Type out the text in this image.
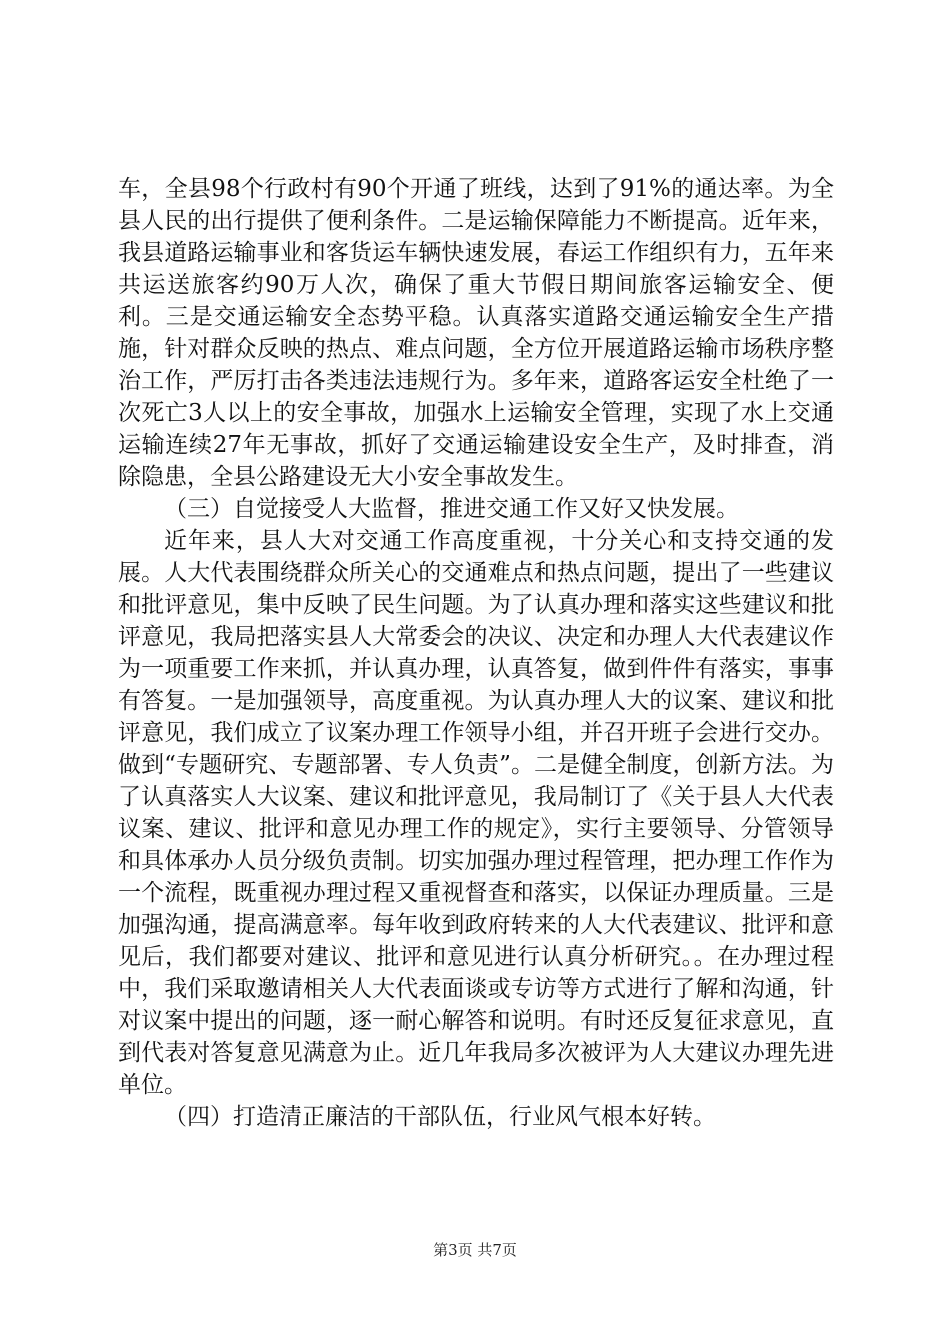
车，全县98个行政村有90个开通了班线，达到了91%的通达率。为全县人民的出行提供了便利条件。二是运输保障能力不断提高。近年来，我县道路运输事业和客货运车辆快速发展，春运工作组织有力，五年来共运送旅客约90万人次，确保了重大节假日期间旅客运输安全、便利。三是交通运输安全态势平稳。认真落实道路交通运输安全生产措施，针对群众反映的热点、难点问题，全方位开展道路运输市场秩序整治工作，严厉打击各类违法违规行为。多年来，道路客运安全杜绝了一次死亡3人以上的安全事故，加强水上运输安全管理，实现了水上交通运输连续27年无事故，抓好了交通运输建设安全生产，及时排查，消除隐患，全县公路建设无大小安全事故发生。

（三）自觉接受人大监督，推进交通工作又好又快发展。

近年来，县人大对交通工作高度重视，十分关心和支持交通的发展。人大代表围绕群众所关心的交通难点和热点问题，提出了一些建议和批评意见，集中反映了民生问题。为了认真办理和落实这些建议和批评意见，我局把落实县人大常委会的决议、决定和办理人大代表建议作为一项重要工作来抓，并认真办理，认真答复，做到件件有落实，事事有答复。一是加强领导，高度重视。为认真办理人大的议案、建议和批评意见，我们成立了议案办理工作领导小组，并召开班子会进行交办。做到“专题研究、专题部署、专人负责”。二是健全制度，创新方法。为了认真落实人大议案、建议和批评意见，我局制订了《关于县人大代表议案、建议、批评和意见办理工作的规定》，实行主要领导、分管领导和具体承办人员分级负责制。切实加强办理过程管理，把办理工作作为一个流程，既重视办理过程又重视督查和落实，以保证办理质量。三是加强沟通，提高满意率。每年收到政府转来的人大代表建议、批评和意见后，我们都要对建议、批评和意见进行认真分析研究。。在办理过程中，我们采取邀请相关人大代表面谈或专访等方式进行了解和沟通，针对议案中提出的问题，逐一耐心解答和说明。有时还反复征求意见，直到代表对答复意见满意为止。近几年我局多次被评为人大建议办理先进单位。

（四）打造清正廉洁的干部队伍，行业风气根本好转。

第3页 共7页
